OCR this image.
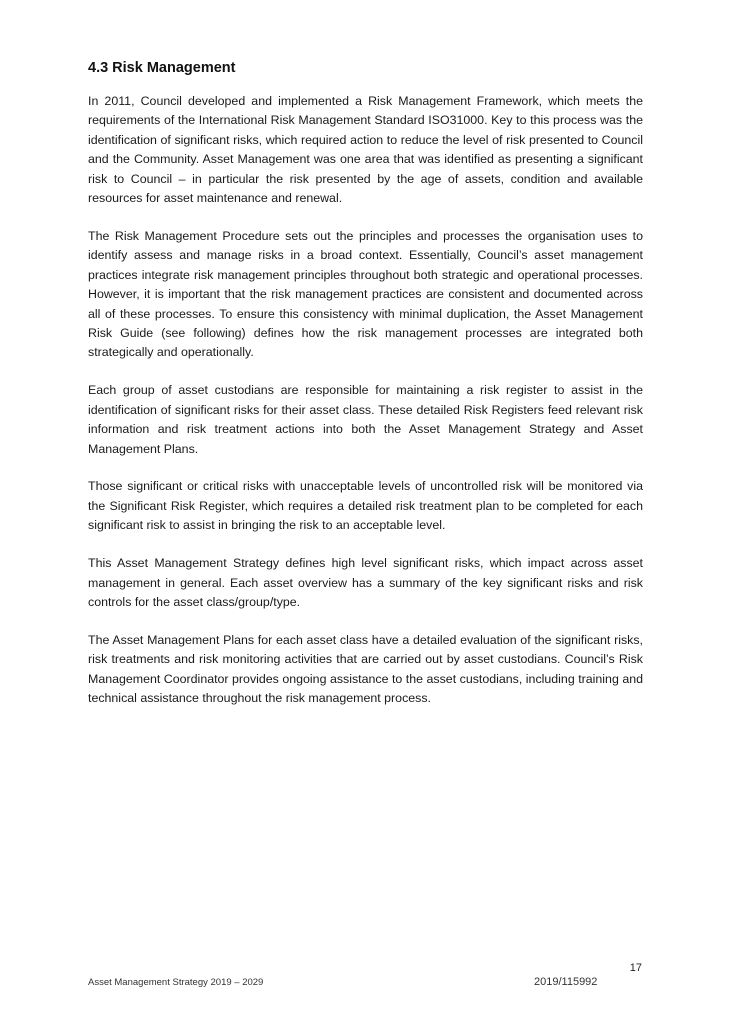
4.3 Risk Management

In 2011, Council developed and implemented a Risk Management Framework, which meets the requirements of the International Risk Management Standard ISO31000. Key to this process was the identification of significant risks, which required action to reduce the level of risk presented to Council and the Community. Asset Management was one area that was identified as presenting a significant risk to Council – in particular the risk presented by the age of assets, condition and available resources for asset maintenance and renewal.

The Risk Management Procedure sets out the principles and processes the organisation uses to identify assess and manage risks in a broad context. Essentially, Council’s asset management practices integrate risk management principles throughout both strategic and operational processes. However, it is important that the risk management practices are consistent and documented across all of these processes. To ensure this consistency with minimal duplication, the Asset Management Risk Guide (see following) defines how the risk management processes are integrated both strategically and operationally.

Each group of asset custodians are responsible for maintaining a risk register to assist in the identification of significant risks for their asset class. These detailed Risk Registers feed relevant risk information and risk treatment actions into both the Asset Management Strategy and Asset Management Plans.

Those significant or critical risks with unacceptable levels of uncontrolled risk will be monitored via the Significant Risk Register, which requires a detailed risk treatment plan to be completed for each significant risk to assist in bringing the risk to an acceptable level.

This Asset Management Strategy defines high level significant risks, which impact across asset management in general. Each asset overview has a summary of the key significant risks and risk controls for the asset class/group/type.

The Asset Management Plans for each asset class have a detailed evaluation of the significant risks, risk treatments and risk monitoring activities that are carried out by asset custodians. Council’s Risk Management Coordinator provides ongoing assistance to the asset custodians, including training and technical assistance throughout the risk management process.

17
Asset Management Strategy 2019 – 2029	2019/115992
